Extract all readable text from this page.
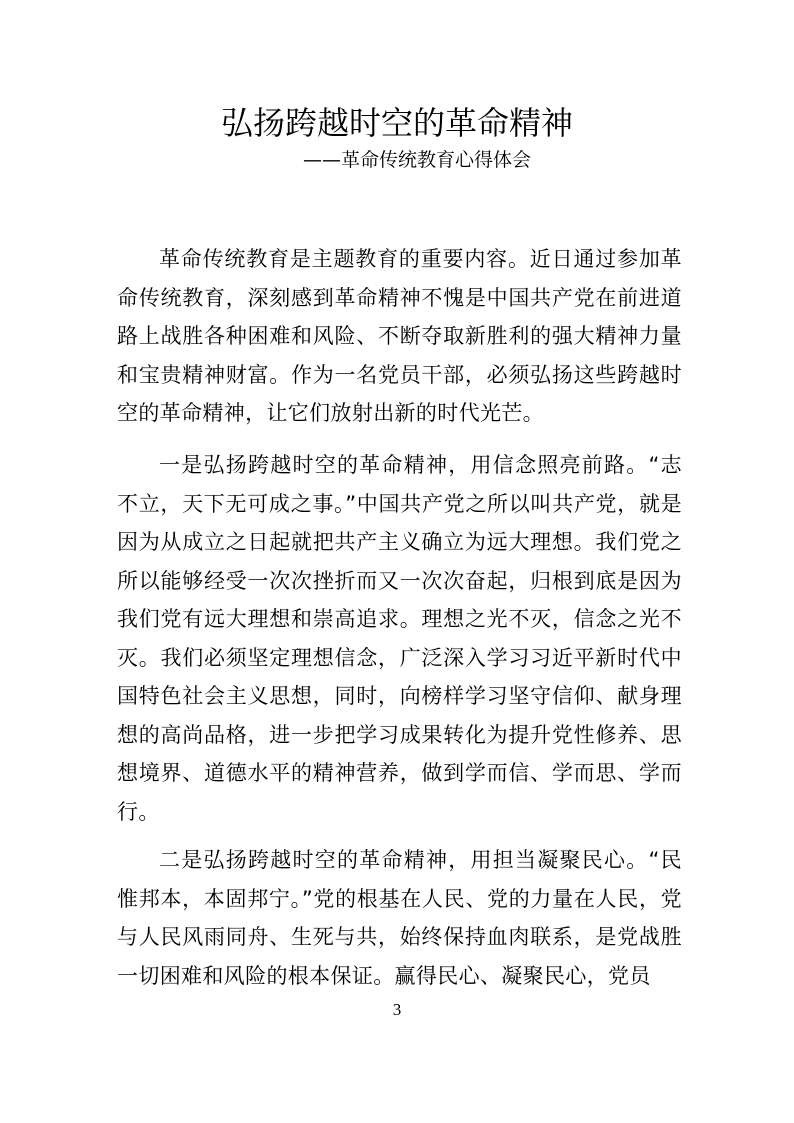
弘扬跨越时空的革命精神
——革命传统教育心得体会

革命传统教育是主题教育的重要内容。近日通过参加革命传统教育，深刻感到革命精神不愧是中国共产党在前进道路上战胜各种困难和风险、不断夺取新胜利的强大精神力量和宝贵精神财富。作为一名党员干部，必须弘扬这些跨越时空的革命精神，让它们放射出新的时代光芒。

一是弘扬跨越时空的革命精神，用信念照亮前路。“志不立，天下无可成之事。”中国共产党之所以叫共产党，就是因为从成立之日起就把共产主义确立为远大理想。我们党之所以能够经受一次次挫折而又一次次奋起，归根到底是因为我们党有远大理想和崇高追求。理想之光不灭，信念之光不灭。我们必须坚定理想信念，广泛深入学习习近平新时代中国特色社会主义思想，同时，向榜样学习坚守信仰、献身理想的高尚品格，进一步把学习成果转化为提升党性修养、思想境界、道德水平的精神营养，做到学而信、学而思、学而行。

二是弘扬跨越时空的革命精神，用担当凝聚民心。“民惟邦本，本固邦宁。”党的根基在人民、党的力量在人民，党与人民风雨同舟、生死与共，始终保持血肉联系，是党战胜一切困难和风险的根本保证。赢得民心、凝聚民心，党员

3
